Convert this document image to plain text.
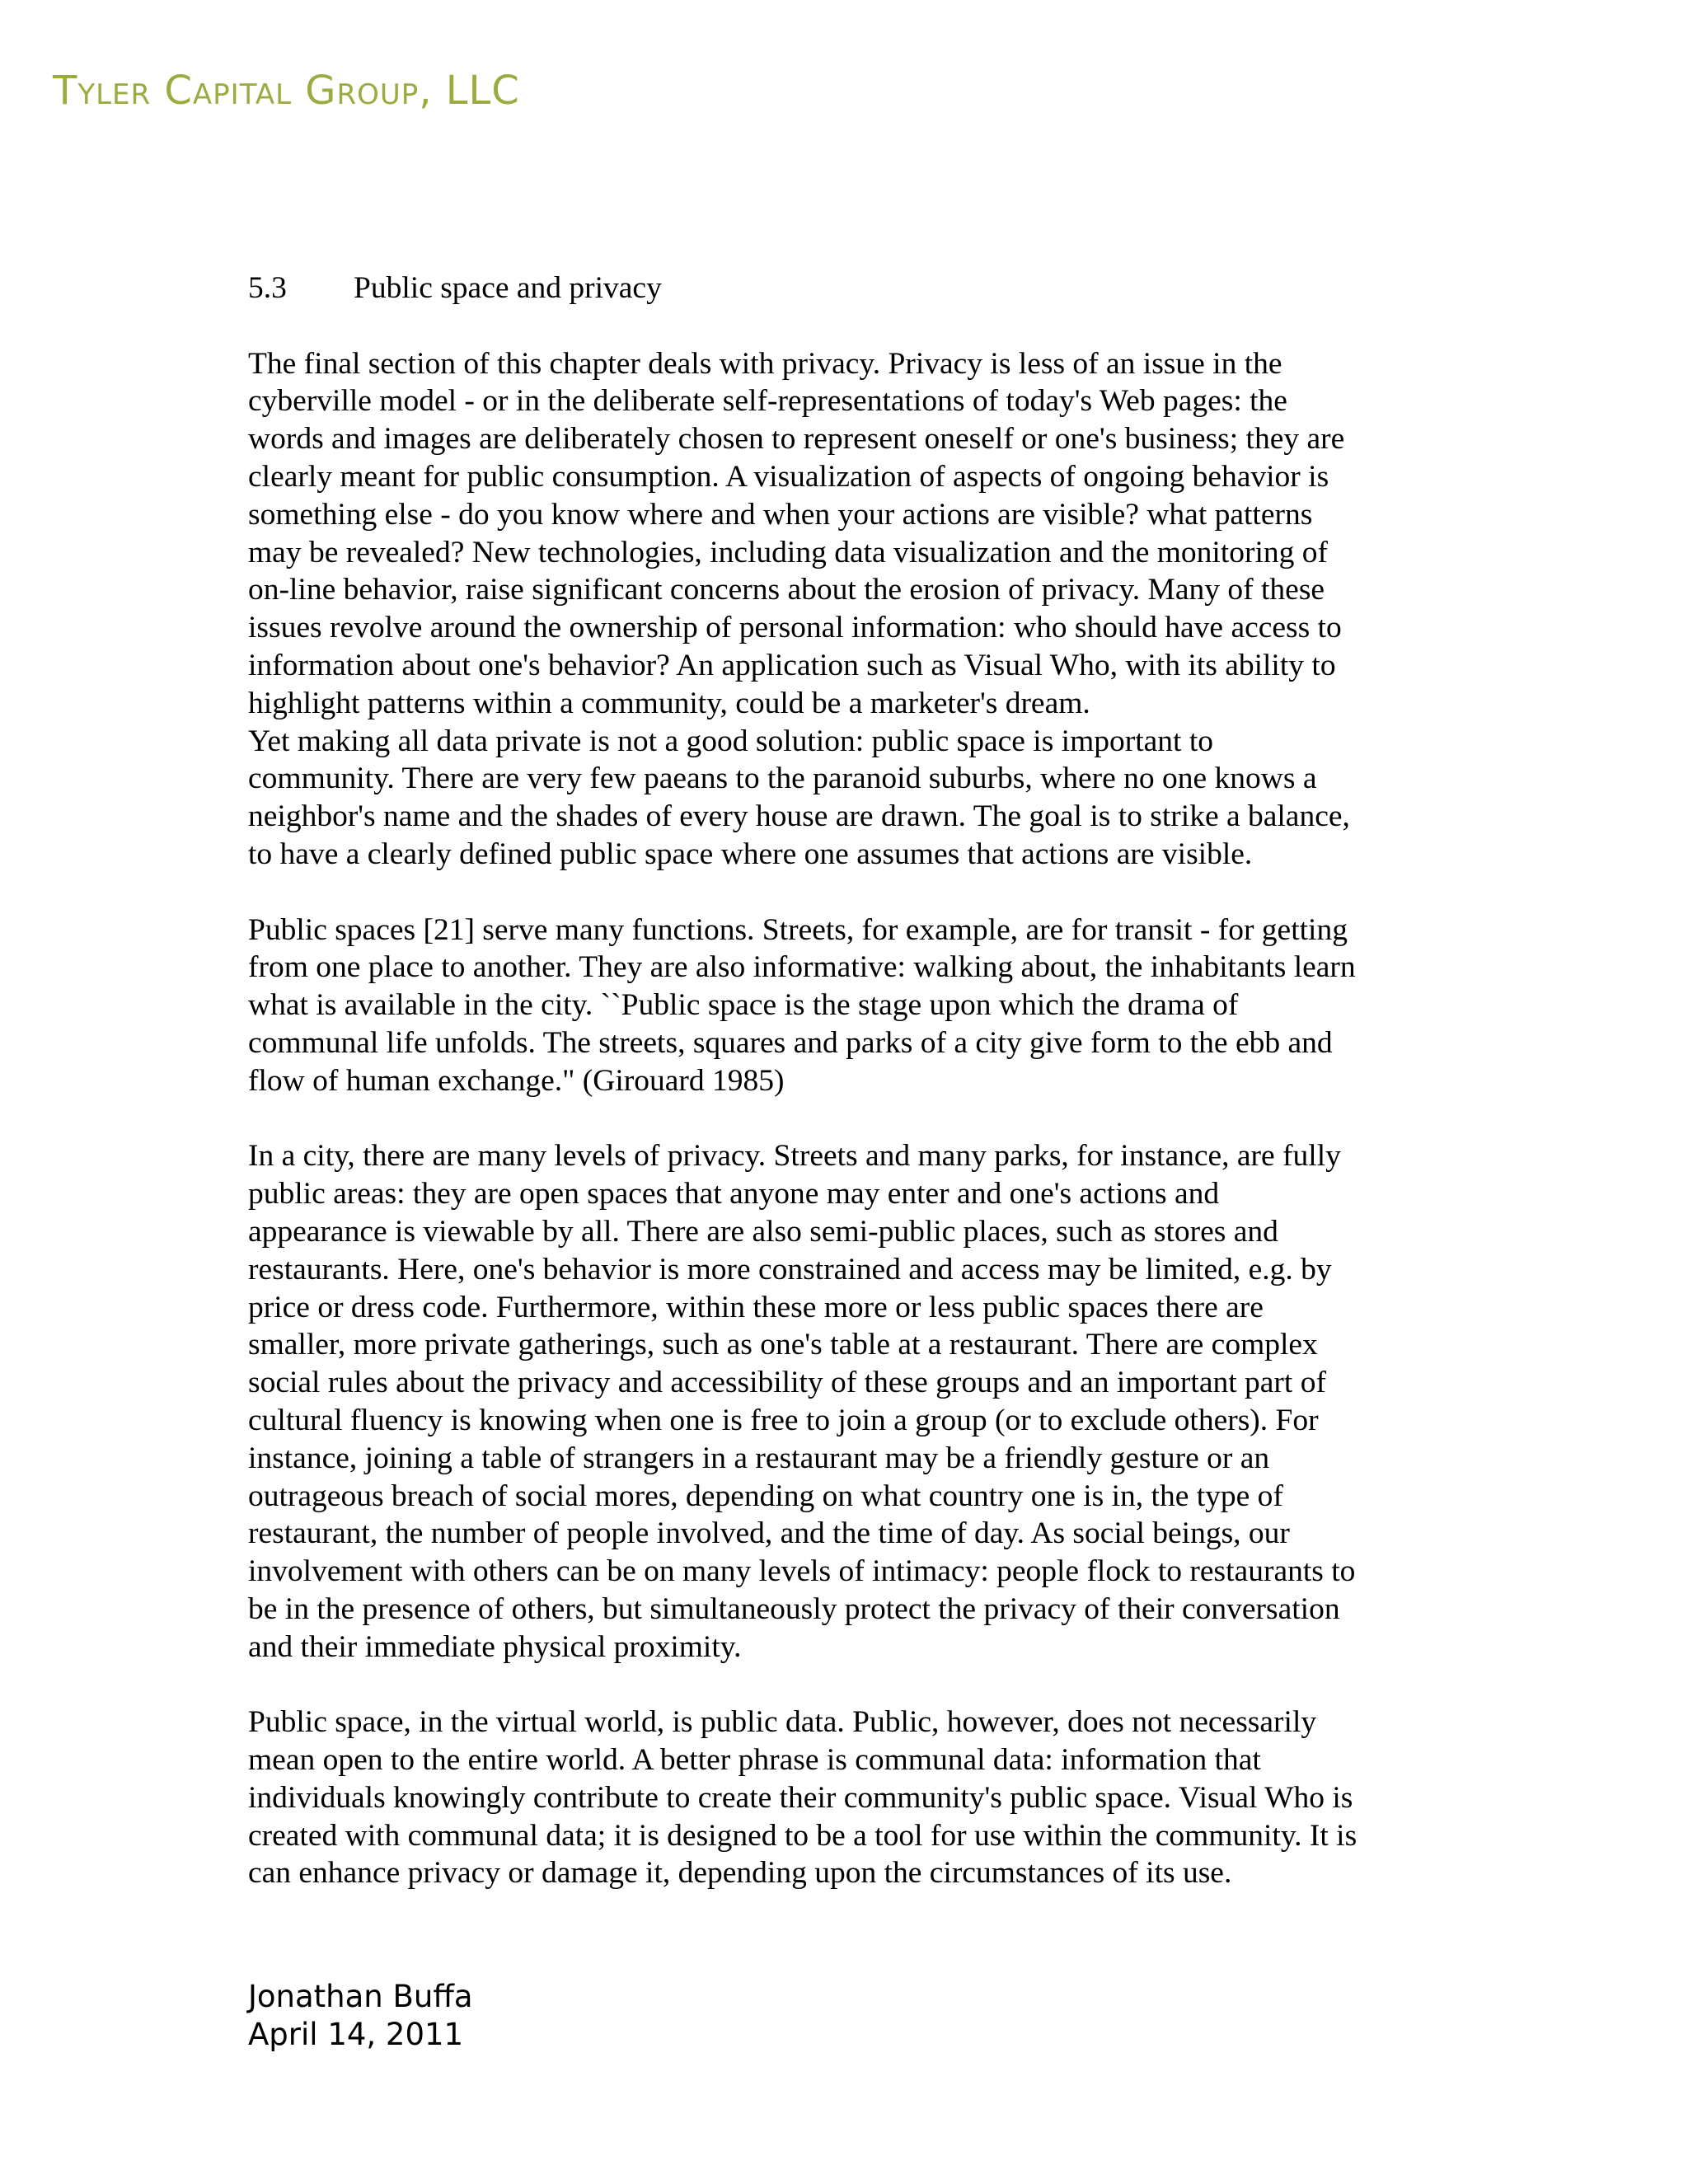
Tyler Capital Group, LLC
5.3 Public space and privacy
The final section of this chapter deals with privacy. Privacy is less of an issue in the
cyberville model - or in the deliberate self-representations of today's Web pages: the
words and images are deliberately chosen to represent oneself or one's business; they are
clearly meant for public consumption. A visualization of aspects of ongoing behavior is
something else - do you know where and when your actions are visible? what patterns
may be revealed? New technologies, including data visualization and the monitoring of
on-line behavior, raise significant concerns about the erosion of privacy. Many of these
issues revolve around the ownership of personal information: who should have access to
information about one's behavior? An application such as Visual Who, with its ability to
highlight patterns within a community, could be a marketer's dream.
Yet making all data private is not a good solution: public space is important to
community. There are very few paeans to the paranoid suburbs, where no one knows a
neighbor's name and the shades of every house are drawn. The goal is to strike a balance,
to have a clearly defined public space where one assumes that actions are visible.
Public spaces [21] serve many functions. Streets, for example, are for transit - for getting
from one place to another. They are also informative: walking about, the inhabitants learn
what is available in the city. ``Public space is the stage upon which the drama of
communal life unfolds. The streets, squares and parks of a city give form to the ebb and
flow of human exchange." (Girouard 1985)
In a city, there are many levels of privacy. Streets and many parks, for instance, are fully
public areas: they are open spaces that anyone may enter and one's actions and
appearance is viewable by all. There are also semi-public places, such as stores and
restaurants. Here, one's behavior is more constrained and access may be limited, e.g. by
price or dress code. Furthermore, within these more or less public spaces there are
smaller, more private gatherings, such as one's table at a restaurant. There are complex
social rules about the privacy and accessibility of these groups and an important part of
cultural fluency is knowing when one is free to join a group (or to exclude others). For
instance, joining a table of strangers in a restaurant may be a friendly gesture or an
outrageous breach of social mores, depending on what country one is in, the type of
restaurant, the number of people involved, and the time of day. As social beings, our
involvement with others can be on many levels of intimacy: people flock to restaurants to
be in the presence of others, but simultaneously protect the privacy of their conversation
and their immediate physical proximity.
Public space, in the virtual world, is public data. Public, however, does not necessarily
mean open to the entire world. A better phrase is communal data: information that
individuals knowingly contribute to create their community's public space. Visual Who is
created with communal data; it is designed to be a tool for use within the community. It is
can enhance privacy or damage it, depending upon the circumstances of its use.
Jonathan Buffa
April 14, 2011
